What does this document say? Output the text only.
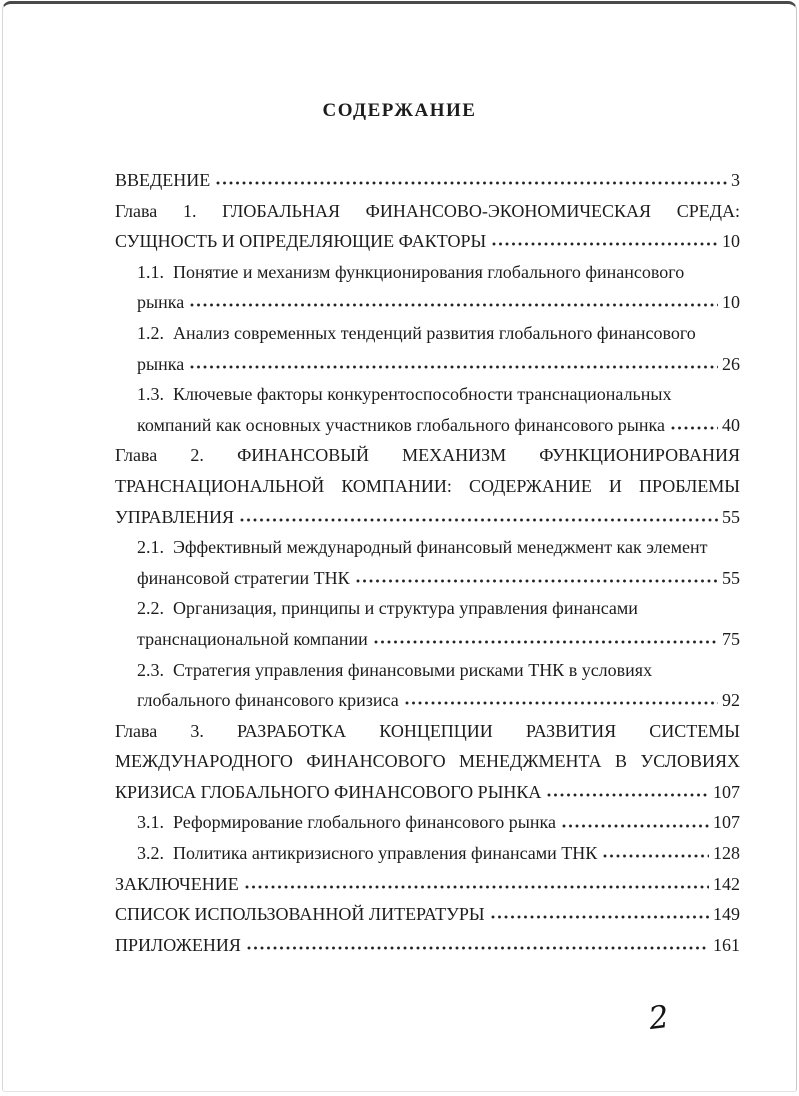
СОДЕРЖАНИЕ
ВВЕДЕНИЕ	3
Глава 1. ГЛОБАЛЬНАЯ ФИНАНСОВО-ЭКОНОМИЧЕСКАЯ СРЕДА:
СУЩНОСТЬ И ОПРЕДЕЛЯЮЩИЕ ФАКТОРЫ	10
1.1.  Понятие и механизм функционирования глобального финансового
рынка	10
1.2.  Анализ современных тенденций развития глобального финансового
рынка	26
1.3.  Ключевые факторы конкурентоспособности транснациональных
компаний как основных участников глобального финансового рынка	40
Глава 2. ФИНАНСОВЫЙ МЕХАНИЗМ ФУНКЦИОНИРОВАНИЯ
ТРАНСНАЦИОНАЛЬНОЙ КОМПАНИИ: СОДЕРЖАНИЕ И ПРОБЛЕМЫ
УПРАВЛЕНИЯ	55
2.1.  Эффективный международный финансовый менеджмент как элемент
финансовой стратегии ТНК	55
2.2.  Организация, принципы и структура управления финансами
транснациональной компании	75
2.3.  Стратегия управления финансовыми рисками ТНК в условиях
глобального финансового кризиса	92
Глава 3. РАЗРАБОТКА КОНЦЕПЦИИ РАЗВИТИЯ СИСТЕМЫ
МЕЖДУНАРОДНОГО ФИНАНСОВОГО МЕНЕДЖМЕНТА В УСЛОВИЯХ
КРИЗИСА ГЛОБАЛЬНОГО ФИНАНСОВОГО РЫНКА	107
3.1.  Реформирование глобального финансового рынка	107
3.2.  Политика антикризисного управления финансами ТНК	128
ЗАКЛЮЧЕНИЕ	142
СПИСОК ИСПОЛЬЗОВАННОЙ ЛИТЕРАТУРЫ	149
ПРИЛОЖЕНИЯ	161
2
